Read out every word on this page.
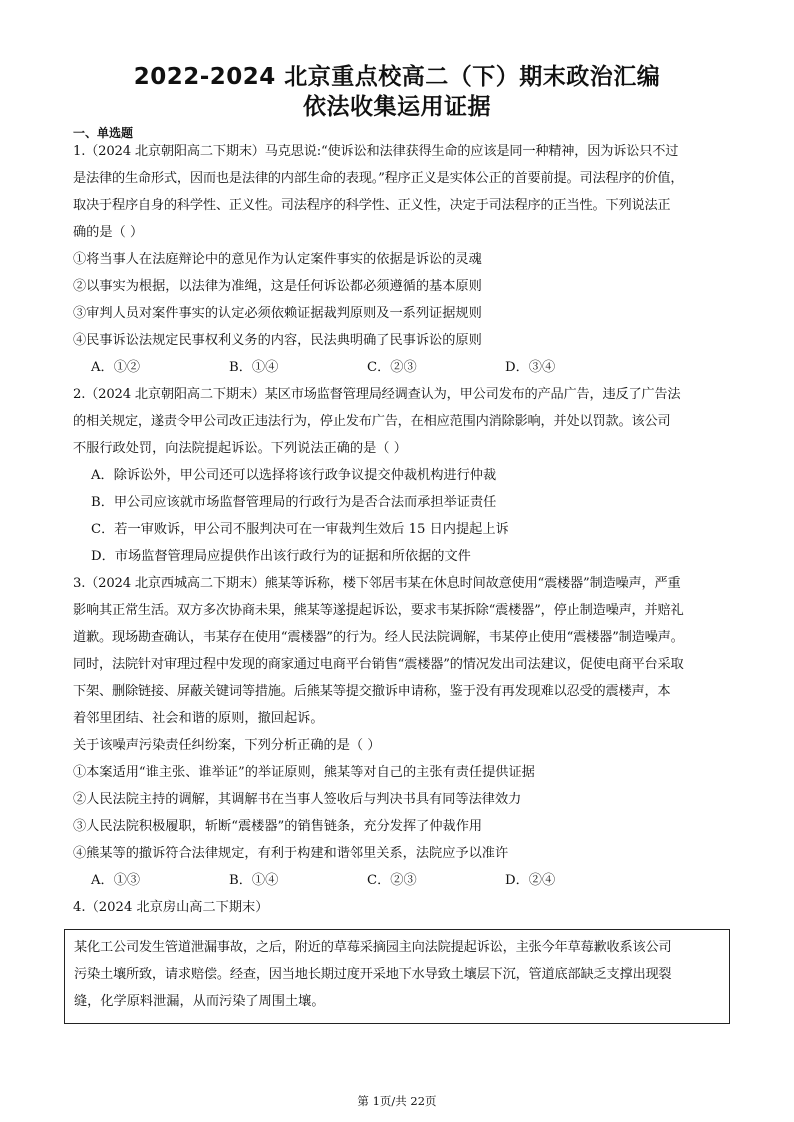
2022-2024 北京重点校高二（下）期末政治汇编
依法收集运用证据
一、单选题

1.（2024 北京朝阳高二下期末）马克思说:“使诉讼和法律获得生命的应该是同一种精神，因为诉讼只不过

是法律的生命形式，因而也是法律的内部生命的表现。”程序正义是实体公正的首要前提。司法程序的价值，

取决于程序自身的科学性、正义性。司法程序的科学性、正义性，决定于司法程序的正当性。下列说法正

确的是（ ）

①将当事人在法庭辩论中的意见作为认定案件事实的依据是诉讼的灵魂

②以事实为根据，以法律为准绳，这是任何诉讼都必须遵循的基本原则

③审判人员对案件事实的认定必须依赖证据裁判原则及一系列证据规则

④民事诉讼法规定民事权利义务的内容，民法典明确了民事诉讼的原则

A．①②	B．①④	C．②③	D．③④

2.（2024 北京朝阳高二下期末）某区市场监督管理局经调查认为，甲公司发布的产品广告，违反了广告法

的相关规定，遂责令甲公司改正违法行为，停止发布广告，在相应范围内消除影响，并处以罚款。该公司

不服行政处罚，向法院提起诉讼。下列说法正确的是（ ）

A．除诉讼外，甲公司还可以选择将该行政争议提交仲裁机构进行仲裁

B．甲公司应该就市场监督管理局的行政行为是否合法而承担举证责任

C．若一审败诉，甲公司不服判决可在一审裁判生效后 15 日内提起上诉

D．市场监督管理局应提供作出该行政行为的证据和所依据的文件

3.（2024 北京西城高二下期末）熊某等诉称，楼下邻居韦某在休息时间故意使用“震楼器”制造噪声，严重

影响其正常生活。双方多次协商未果，熊某等遂提起诉讼，要求韦某拆除“震楼器”，停止制造噪声，并赔礼

道歉。现场勘查确认，韦某存在使用“震楼器”的行为。经人民法院调解，韦某停止使用“震楼器”制造噪声。

同时，法院针对审理过程中发现的商家通过电商平台销售“震楼器”的情况发出司法建议，促使电商平台采取

下架、删除链接、屏蔽关键词等措施。后熊某等提交撤诉申请称，鉴于没有再发现难以忍受的震楼声，本

着邻里团结、社会和谐的原则，撤回起诉。

关于该噪声污染责任纠纷案，下列分析正确的是（ ）

①本案适用“谁主张、谁举证”的举证原则，熊某等对自己的主张有责任提供证据

②人民法院主持的调解，其调解书在当事人签收后与判决书具有同等法律效力

③人民法院积极履职，斩断“震楼器”的销售链条，充分发挥了仲裁作用

④熊某等的撤诉符合法律规定，有利于构建和谐邻里关系，法院应予以准许

A．①③	B．①④	C．②③	D．②④

4.（2024 北京房山高二下期末）

某化工公司发生管道泄漏事故，之后，附近的草莓采摘园主向法院提起诉讼，主张今年草莓歉收系该公司
污染土壤所致，请求赔偿。经查，因当地长期过度开采地下水导致土壤层下沉，管道底部缺乏支撑出现裂
缝，化学原料泄漏，从而污染了周围土壤。
第 1页/共 22页
